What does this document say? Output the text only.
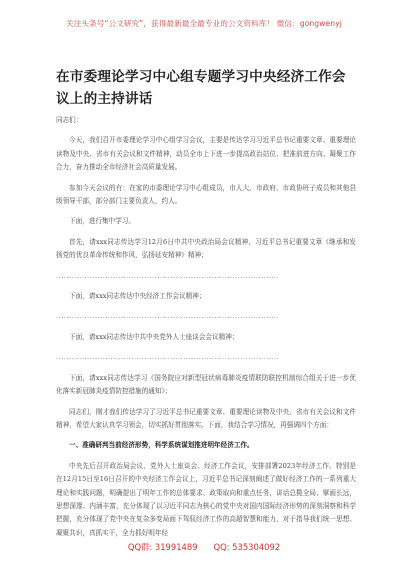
关注头条号“公文研究”，获得最新最全最专业的公文资料库！ 微信：gongwenyj
在市委理论学习中心组专题学习中央经济工作会议上的主持讲话

同志们：

今天，我们召开市委理论学习中心组学习会议，主要是传达学习习近平总书记重要文章、重要理论读物及中央、省市有关会议和文件精神，动员全市上下进一步提高政治站位、把准前进方向、凝聚工作合力，奋力推动全市经济社会高质量发展。

参加今天会议的有：在家的市委理论学习中心组成员，市人大、市政府、市政协班子成员和其他县级领导干部，部分部门主要负责人，约人。

下面，进行集中学习。

首先，请xxx同志传达学习12月6日中共中央政治局会议精神，习近平总书记重要文章《继承和发扬党的优良革命传统和作风，弘扬延安精神》精神；

......................................................................................

下面，请xxx同志传达中央经济工作会议精神；

......................................................................................

下面，请xxx同志传达中共中央党外人士座谈会会议精神；

......................................................................................

下面，请xxx同志传达学习《国务院应对新型冠状病毒肺炎疫情联防联控机制综合组关于进一步优化落实新冠肺炎疫情防控措施的通知》；

同志们，刚才我们传达学习了习近平总书记重要文章、重要理论读物及中央、省市有关会议和文件精神，希望大家认真学习领会，切实抓好贯彻落实。下面，我结合学习情况，再强调四个方面：

一、准确研判当前经济形势，科学系统谋划推进明年经济工作。

中央先后召开政治局会议、党外人士座谈会、经济工作会议，安排部署2023年经济工作。特别是在12月15日至16日召开的中央经济工作会议上，习近平总书记深刻阐述了做好经济工作的一系列重大理论和实践问题，明确提出了明年工作的总体要求、政策取向和重点任务，讲话总揽全局、擘画长远，思想深邃、内涵丰富，充分体现了以习近平同志为核心的党中央对国内国际经济形势的深刻洞察和科学把握，充分体现了党中央在复杂多变局面下驾驭经济工作的高超智慧和能力，对于指导我们统一思想、凝聚共识，真抓实干，全力抓好明年经

QQ群: 31991489      QQ: 535304092
